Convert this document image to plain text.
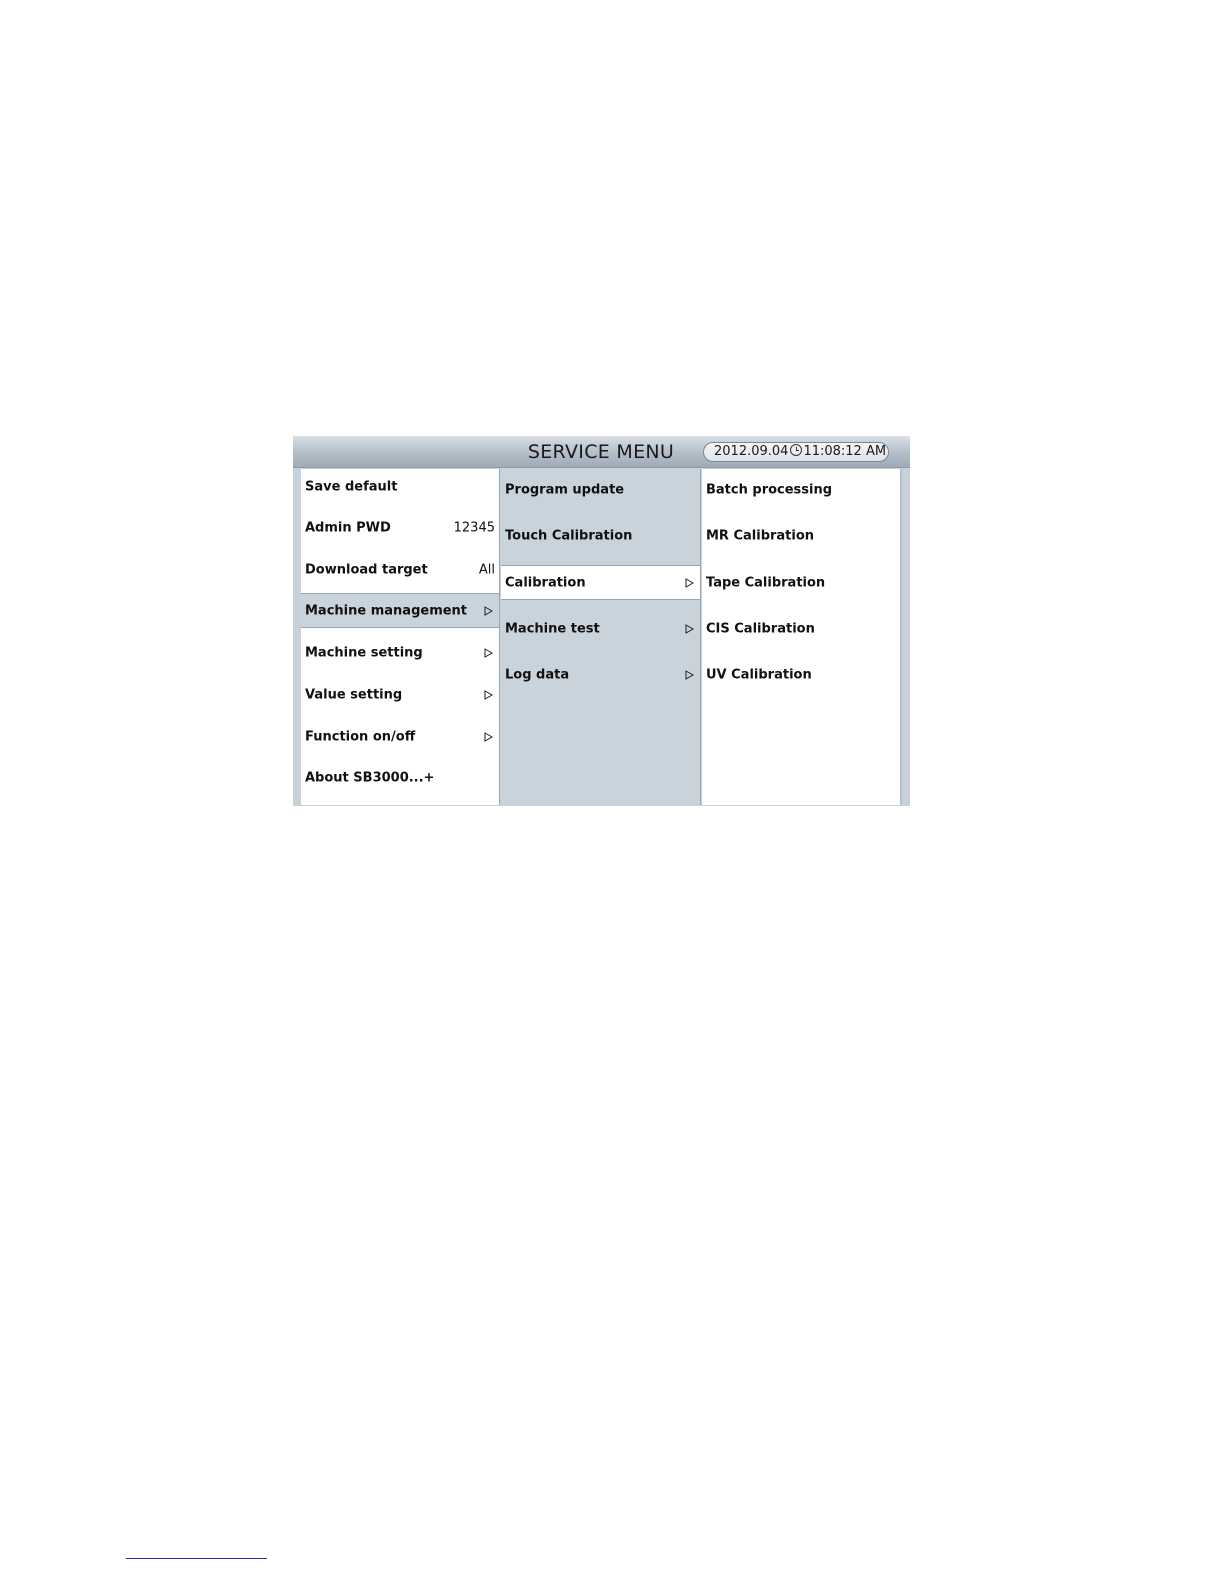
SERVICE MENU	2012.09.04 11:08:12 AM
Save default
Admin PWD	12345
Download target	All
Machine management
Machine setting
Value setting
Function on/off
About SB3000...+
Program update
Touch Calibration
Calibration
Machine test
Log data
Batch processing
MR Calibration
Tape Calibration
CIS Calibration
UV Calibration
